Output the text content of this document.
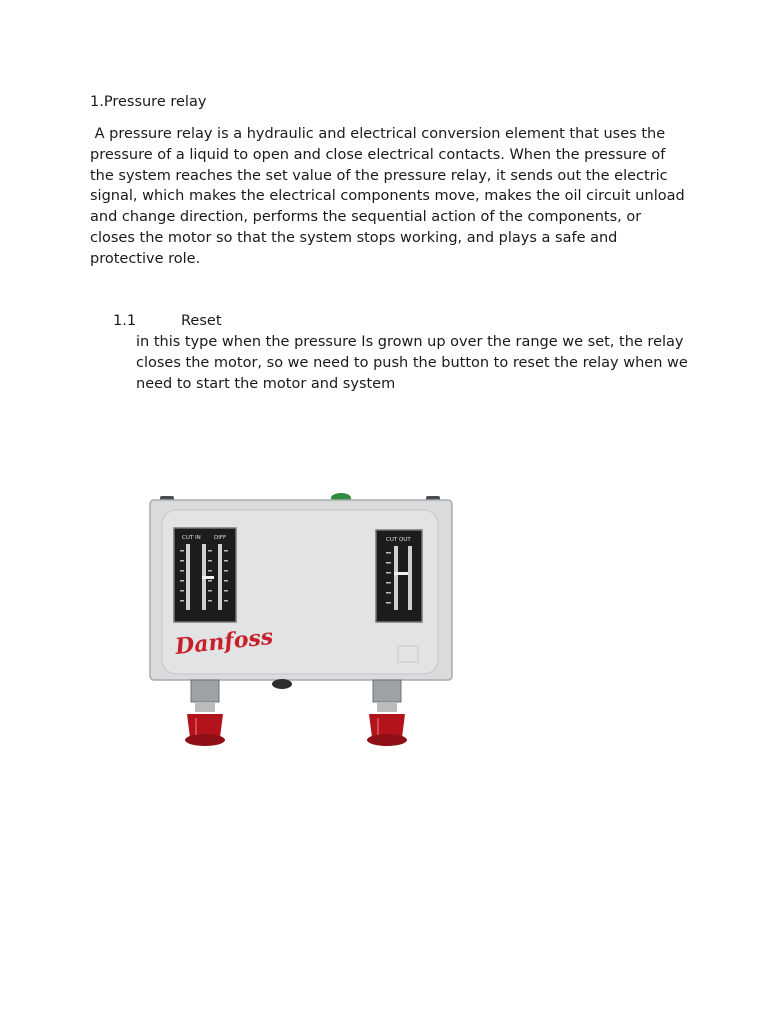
1.Pressure relay
A pressure relay is a hydraulic and electrical conversion element that uses the pressure of a liquid to open and close electrical contacts. When the pressure of the system reaches the set value of the pressure relay, it sends out the electric signal, which makes the electrical components move, makes the oil circuit unload and change direction, performs the sequential action of the components, or closes the motor so that the system stops working, and plays a safe and protective role.
1.1	Reset
in this type when the pressure Is grown up over the range we set, the relay closes the motor, so we need to push the button to reset the relay when we need to start the motor and system
CUT IN DIFF	CUT OUT
Danfoss
